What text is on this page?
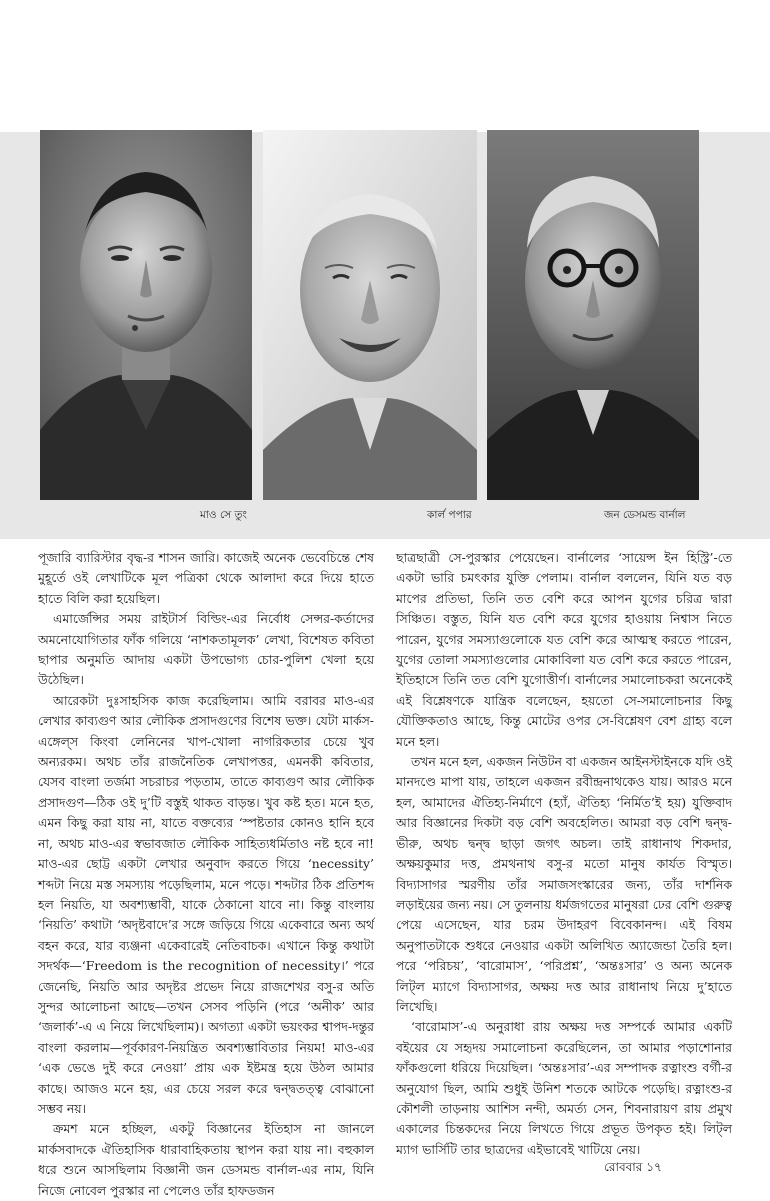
মাও সে তুং	কার্ল পপার	জন ডেসমন্ড বার্নাল

পূজারি ব্যারিস্টার বৃদ্ধ-র শাসন জারি। কাজেই অনেক ভেবেচিন্তে শেষ মুহূর্তে ওই লেখাটিকে মূল পত্রিকা থেকে আলাদা করে দিয়ে হাতে হাতে বিলি করা হয়েছিল।

এমার্জেন্সির সময় রাইটার্স বিল্ডিং-এর নির্বোধ সেন্সর-কর্তাদের অমনোযোগিতার ফাঁক গলিয়ে ‘নাশকতামূলক’ লেখা, বিশেষত কবিতা ছাপার অনুমতি আদায় একটা উপভোগ্য চোর-পুলিশ খেলা হয়ে উঠেছিল।

আরেকটা দুঃসাহসিক কাজ করেছিলাম। আমি বরাবর মাও-এর লেখার কাব্যগুণ আর লৌকিক প্রসাদগুণের বিশেষ ভক্ত। যেটা মার্কস-এঙ্গেল্‌স কিংবা লেনিনের খাপ-খোলা নাগরিকতার চেয়ে খুব অন্যরকম। অথচ তাঁর রাজনৈতিক লেখাপত্তর, এমনকী কবিতার, যেসব বাংলা তর্জমা সচরাচর পড়তাম, তাতে কাব্যগুণ আর লৌকিক প্রসাদগুণ—ঠিক ওই দু’টি বস্তুই থাকত বাড়ন্ত। খুব কষ্ট হত। মনে হত, এমন কিছু করা যায় না, যাতে বক্তব্যের ‘স্পষ্টতার কোনও হানি হবে না, অথচ মাও-এর স্বভাবজাত লৌকিক সাহিত্যধর্মিতাও নষ্ট হবে না! মাও-এর ছোট্ট একটা লেখার অনুবাদ করতে গিয়ে ‘necessity’ শব্দটা নিয়ে মস্ত সমস্যায় পড়েছিলাম, মনে পড়ে। শব্দটার ঠিক প্রতিশব্দ হল নিয়তি, যা অবশ্যম্ভাবী, যাকে ঠেকানো যাবে না। কিন্তু বাংলায় ‘নিয়তি’ কথাটা ‘অদৃষ্টবাদে’র সঙ্গে জড়িয়ে গিয়ে একেবারে অন্য অর্থ বহন করে, যার ব্যঞ্জনা একেবারেই নেতিবাচক। এখানে কিন্তু কথাটা সদর্থক—‘Freedom is the recognition of necessity।’ পরে জেনেছি, নিয়তি আর অদৃষ্টর প্রভেদ নিয়ে রাজশেখর বসু-র অতি সুন্দর আলোচনা আছে—তখন সেসব পড়িনি (পরে ‘অনীক’ আর ‘জলার্ক’-এ এ নিয়ে লিখেছিলাম)। অগত্যা একটা ভয়ংকর শ্বাপদ-দন্তুর বাংলা করলাম—পূর্বকারণ-নিয়ন্ত্রিত অবশ্যম্ভাবিতার নিয়ম! মাও-এর ‘এক ভেঙে দুই করে নেওয়া’ প্রায় এক ইষ্টমন্ত্র হয়ে উঠল আমার কাছে। আজও মনে হয়, এর চেয়ে সরল করে দ্বন্দ্বতত্ত্ব বোঝানো সম্ভব নয়।

ক্রমশ মনে হচ্ছিল, একটু বিজ্ঞানের ইতিহাস না জানলে মার্কসবাদকে ঐতিহাসিক ধারাবাহিকতায় স্থাপন করা যায় না। বহুকাল ধরে শুনে আসছিলাম বিজ্ঞানী জন ডেসমন্ড বার্নাল-এর নাম, যিনি নিজে নোবেল পুরস্কার না পেলেও তাঁর হাফডজন

ছাত্রছাত্রী সে-পুরস্কার পেয়েছেন। বার্নালের ‘সায়েন্স ইন হিস্ট্রি’-তে একটা ভারি চমৎকার যুক্তি পেলাম। বার্নাল বললেন, যিনি যত বড় মাপের প্রতিভা, তিনি তত বেশি করে আপন যুগের চরিত্র দ্বারা সিঞ্চিত। বস্তুত, যিনি যত বেশি করে যুগের হাওয়ায় নিশ্বাস নিতে পারেন, যুগের সমস্যাগুলোকে যত বেশি করে আত্মস্থ করতে পারেন, যুগের তোলা সমস্যাগুলোর মোকাবিলা যত বেশি করে করতে পারেন, ইতিহাসে তিনি তত বেশি যুগোত্তীর্ণ। বার্নালের সমালোচকরা অনেকেই এই বিশ্লেষণকে যান্ত্রিক বলেছেন, হয়তো সে-সমালোচনার কিছু যৌক্তিকতাও আছে, কিন্তু মোটের ওপর সে-বিশ্লেষণ বেশ গ্রাহ্য বলে মনে হল।

তখন মনে হল, একজন নিউটন বা একজন আইনস্টাইনকে যদি ওই মানদণ্ডে মাপা যায়, তাহলে একজন রবীন্দ্রনাথকেও যায়। আরও মনে হল, আমাদের ঐতিহ্য-নির্মাণে (হ্যাঁ, ঐতিহ্য ‘নির্মিত’ই হয়) যুক্তিবাদ আর বিজ্ঞানের দিকটা বড় বেশি অবহেলিত। আমরা বড় বেশি দ্বন্দ্ব-ভীরু, অথচ দ্বন্দ্ব ছাড়া জগৎ অচল। তাই রাধানাথ শিকদার, অক্ষয়কুমার দত্ত, প্রমথনাথ বসু-র মতো মানুষ কার্যত বিস্মৃত। বিদ্যাসাগর স্মরণীয় তাঁর সমাজসংস্কারের জন্য, তাঁর দার্শনিক লড়াইয়ের জন্য নয়। সে তুলনায় ধর্মজগতের মানুষরা ঢের বেশি গুরুত্ব পেয়ে এসেছেন, যার চরম উদাহরণ বিবেকানন্দ। এই বিষম অনুপাতটাকে শুধরে নেওয়ার একটা অলিখিত অ্যাজেন্ডা তৈরি হল। পরে ‘পরিচয়’, ‘বারোমাস’, ‘পরিপ্রশ্ন’, ‘অন্তঃসার’ ও অন্য অনেক লিট্‌ল ম্যাগে বিদ্যাসাগর, অক্ষয় দত্ত আর রাধানাথ নিয়ে দু’হাতে লিখেছি।

‘বারোমাস’-এ অনুরাধা রায় অক্ষয় দত্ত সম্পর্কে আমার একটি বইয়ের যে সহৃদয় সমালোচনা করেছিলেন, তা আমার পড়াশোনার ফাঁকগুলো ধরিয়ে দিয়েছিল। ‘অন্তঃসার’-এর সম্পাদক রত্নাংশু বর্গী-র অনুযোগ ছিল, আমি শুধুই উনিশ শতকে আটকে পড়েছি। রত্নাংশু-র কৌশলী তাড়নায় আশিস নন্দী, অমর্ত্য সেন, শিবনারায়ণ রায় প্রমুখ একালের চিন্তকদের নিয়ে লিখতে গিয়ে প্রভূত উপকৃত হই। লিট্‌ল ম্যাগ ভার্সিটি তার ছাত্রদের এইভাবেই খাটিয়ে নেয়।

রোববার ১৭
